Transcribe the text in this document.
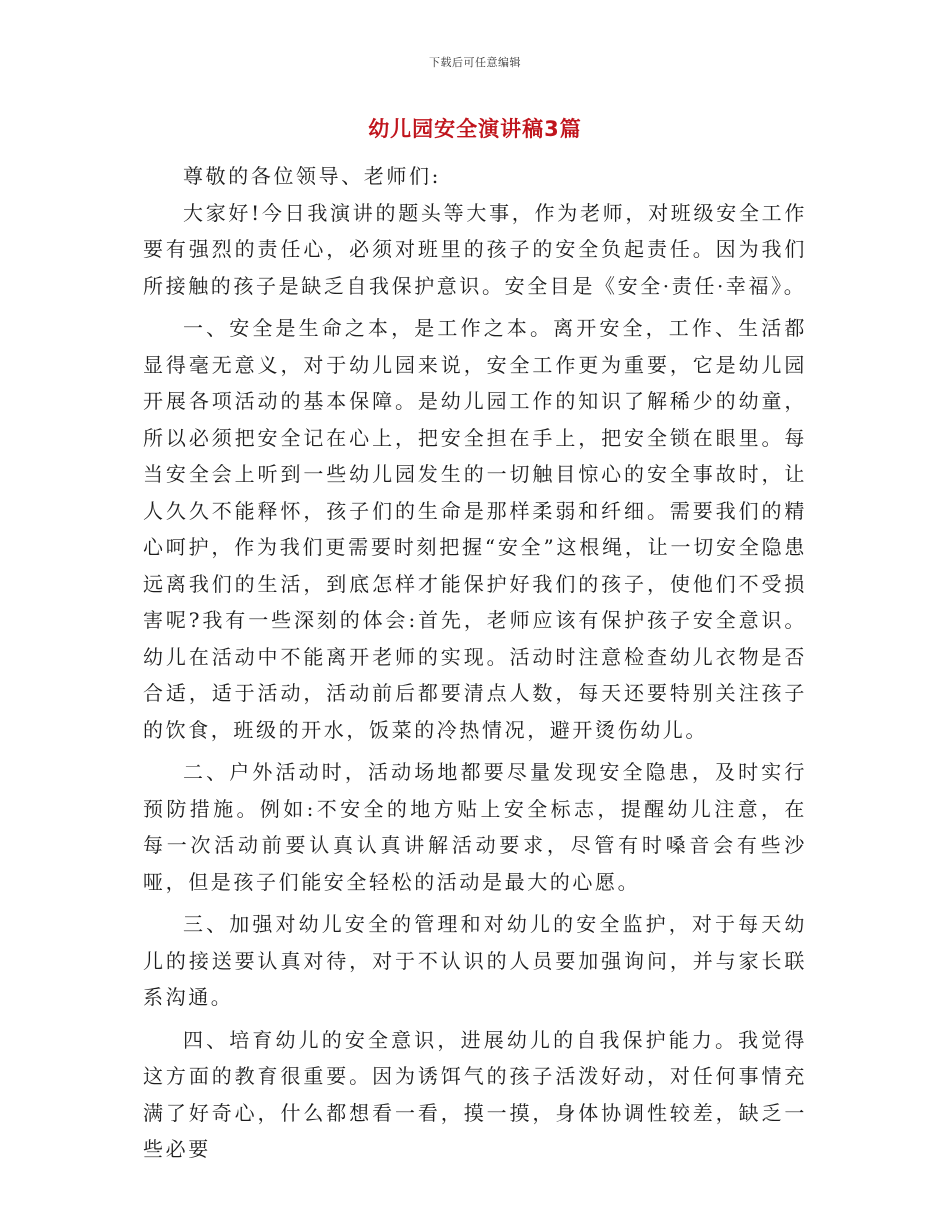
下载后可任意编辑
幼儿园安全演讲稿3篇

尊敬的各位领导、老师们:

大家好!今日我演讲的题头等大事，作为老师，对班级安全工作要有强烈的责任心，必须对班里的孩子的安全负起责任。因为我们所接触的孩子是缺乏自我保护意识。安全目是《安全·责任·幸福》。

一、安全是生命之本，是工作之本。离开安全，工作、生活都显得毫无意义，对于幼儿园来说，安全工作更为重要，它是幼儿园开展各项活动的基本保障。是幼儿园工作的知识了解稀少的幼童，所以必须把安全记在心上，把安全担在手上，把安全锁在眼里。每当安全会上听到一些幼儿园发生的一切触目惊心的安全事故时，让人久久不能释怀，孩子们的生命是那样柔弱和纤细。需要我们的精心呵护，作为我们更需要时刻把握“安全”这根绳，让一切安全隐患远离我们的生活，到底怎样才能保护好我们的孩子，使他们不受损害呢?我有一些深刻的体会:首先，老师应该有保护孩子安全意识。幼儿在活动中不能离开老师的实现。活动时注意检查幼儿衣物是否合适，适于活动，活动前后都要清点人数，每天还要特别关注孩子的饮食，班级的开水，饭菜的冷热情况，避开烫伤幼儿。

二、户外活动时，活动场地都要尽量发现安全隐患，及时实行预防措施。例如:不安全的地方贴上安全标志，提醒幼儿注意，在每一次活动前要认真认真讲解活动要求，尽管有时嗓音会有些沙哑，但是孩子们能安全轻松的活动是最大的心愿。

三、加强对幼儿安全的管理和对幼儿的安全监护，对于每天幼儿的接送要认真对待，对于不认识的人员要加强询问，并与家长联系沟通。

四、培育幼儿的安全意识，进展幼儿的自我保护能力。我觉得这方面的教育很重要。因为诱饵气的孩子活泼好动，对任何事情充满了好奇心，什么都想看一看，摸一摸，身体协调性较差，缺乏一些必要
